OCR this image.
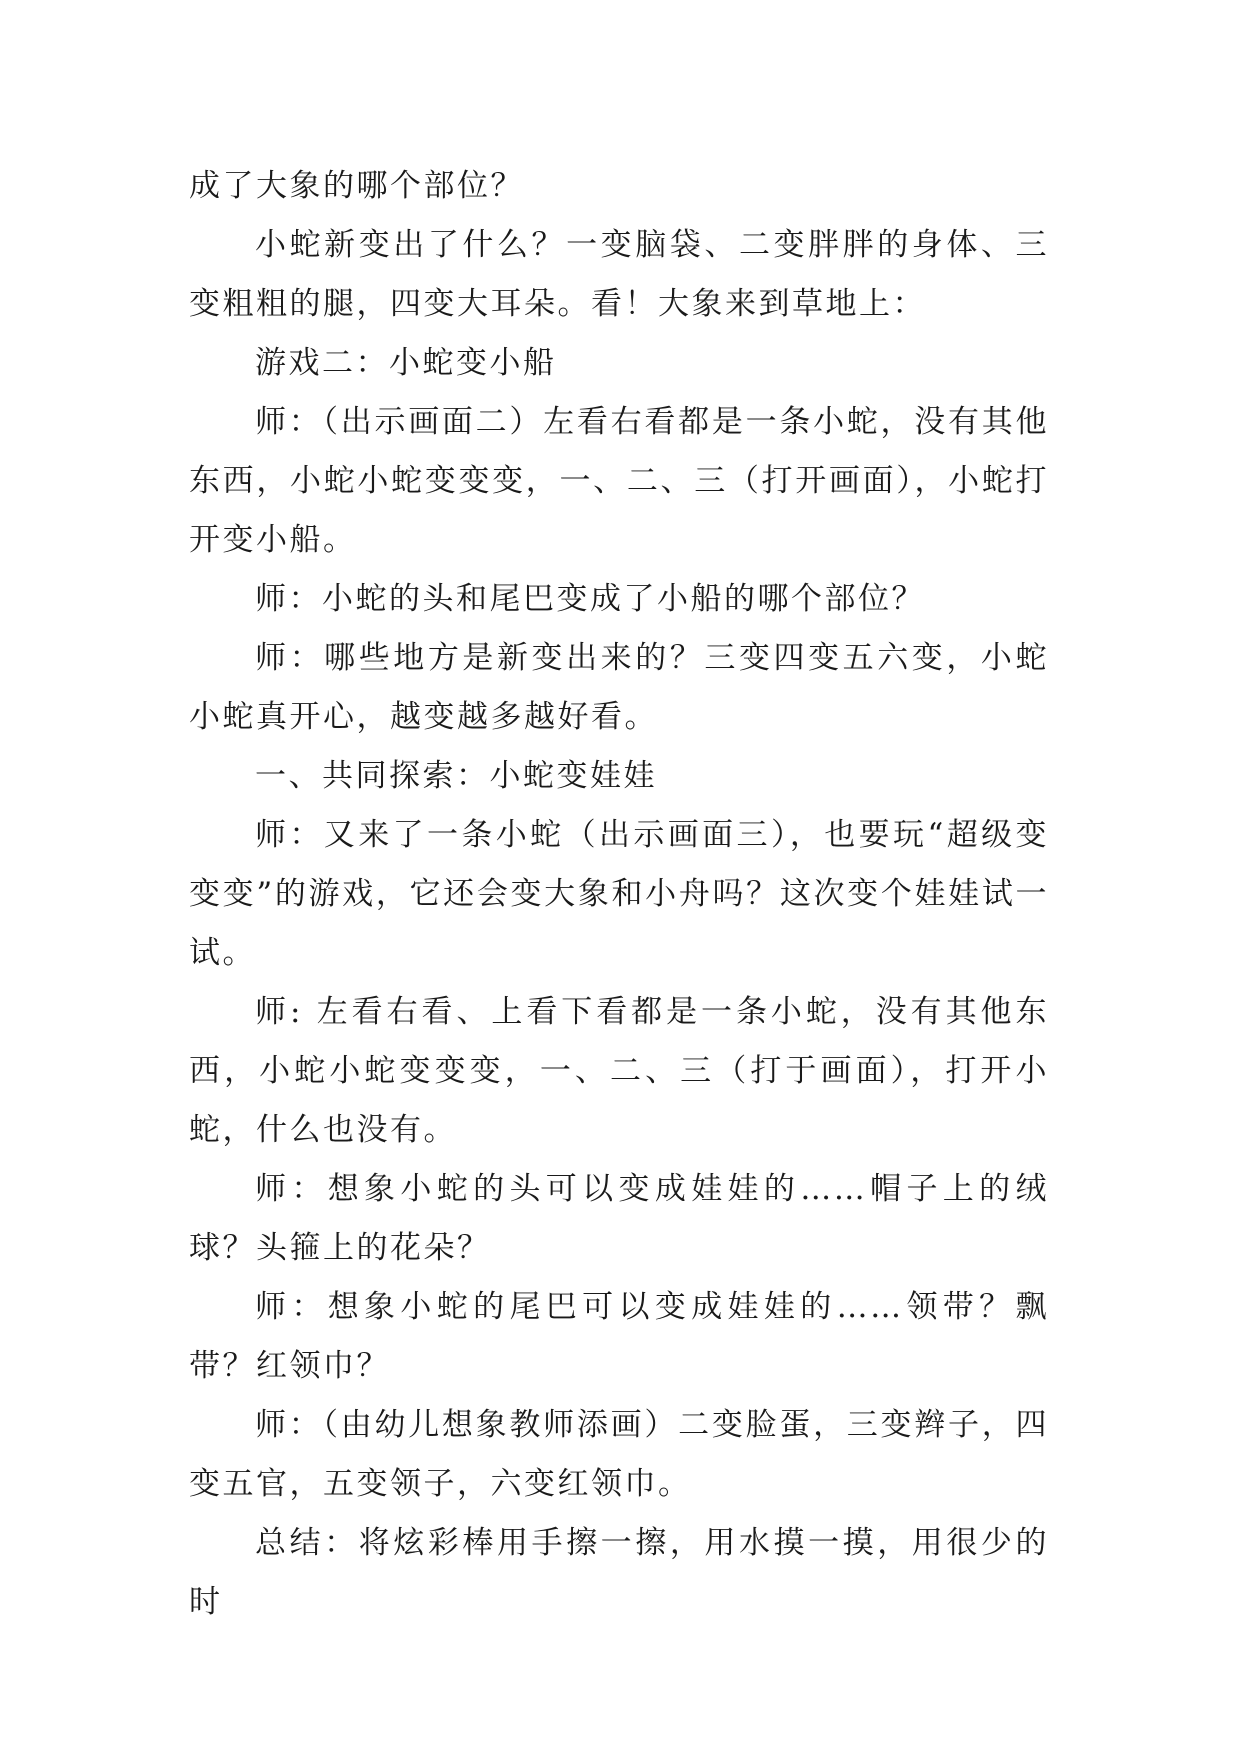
成了大象的哪个部位？

小蛇新变出了什么？一变脑袋、二变胖胖的身体、三变粗粗的腿，四变大耳朵。看！大象来到草地上：

游戏二：小蛇变小船

师：（出示画面二）左看右看都是一条小蛇，没有其他东西，小蛇小蛇变变变，一、二、三（打开画面），小蛇打开变小船。

师：小蛇的头和尾巴变成了小船的哪个部位？

师：哪些地方是新变出来的？三变四变五六变，小蛇小蛇真开心，越变越多越好看。

一、共同探索：小蛇变娃娃

师：又来了一条小蛇（出示画面三），也要玩“超级变变变”的游戏，它还会变大象和小舟吗？这次变个娃娃试一试。

师: 左看右看、上看下看都是一条小蛇，没有其他东西，小蛇小蛇变变变，一、二、三（打于画面），打开小蛇，什么也没有。

师：想象小蛇的头可以变成娃娃的……帽子上的绒球？头箍上的花朵？

师：想象小蛇的尾巴可以变成娃娃的……领带？飘带？红领巾？

师：（由幼儿想象教师添画）二变脸蛋，三变辫子，四变五官，五变领子，六变红领巾。

总结：将炫彩棒用手擦一擦，用水摸一摸，用很少的时
